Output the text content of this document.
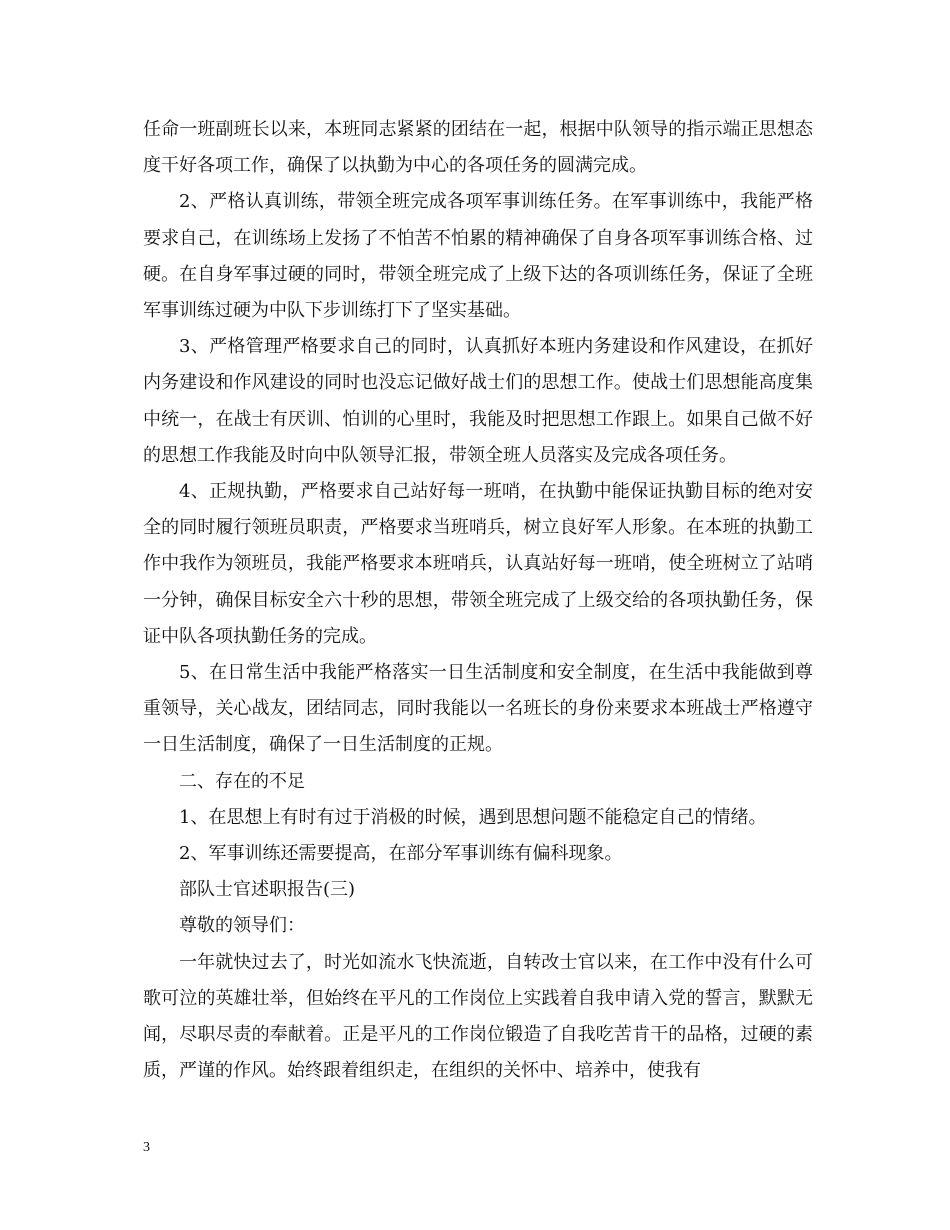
任命一班副班长以来，本班同志紧紧的团结在一起，根据中队领导的指示端正思想态度干好各项工作，确保了以执勤为中心的各项任务的圆满完成。

2、严格认真训练，带领全班完成各项军事训练任务。在军事训练中，我能严格要求自己，在训练场上发扬了不怕苦不怕累的精神确保了自身各项军事训练合格、过硬。在自身军事过硬的同时，带领全班完成了上级下达的各项训练任务，保证了全班军事训练过硬为中队下步训练打下了坚实基础。

3、严格管理严格要求自己的同时，认真抓好本班内务建设和作风建设，在抓好内务建设和作风建设的同时也没忘记做好战士们的思想工作。使战士们思想能高度集中统一，在战士有厌训、怕训的心里时，我能及时把思想工作跟上。如果自己做不好的思想工作我能及时向中队领导汇报，带领全班人员落实及完成各项任务。

4、正规执勤，严格要求自己站好每一班哨，在执勤中能保证执勤目标的绝对安全的同时履行领班员职责，严格要求当班哨兵，树立良好军人形象。在本班的执勤工作中我作为领班员，我能严格要求本班哨兵，认真站好每一班哨，使全班树立了站哨一分钟，确保目标安全六十秒的思想，带领全班完成了上级交给的各项执勤任务，保证中队各项执勤任务的完成。

5、在日常生活中我能严格落实一日生活制度和安全制度，在生活中我能做到尊重领导，关心战友，团结同志，同时我能以一名班长的身份来要求本班战士严格遵守一日生活制度，确保了一日生活制度的正规。

二、存在的不足

1、在思想上有时有过于消极的时候，遇到思想问题不能稳定自己的情绪。

2、军事训练还需要提高，在部分军事训练有偏科现象。

部队士官述职报告(三)

尊敬的领导们：

一年就快过去了，时光如流水飞快流逝，自转改士官以来，在工作中没有什么可歌可泣的英雄壮举，但始终在平凡的工作岗位上实践着自我申请入党的誓言，默默无闻，尽职尽责的奉献着。正是平凡的工作岗位锻造了自我吃苦肯干的品格，过硬的素质，严谨的作风。始终跟着组织走，在组织的关怀中、培养中，使我有

3
